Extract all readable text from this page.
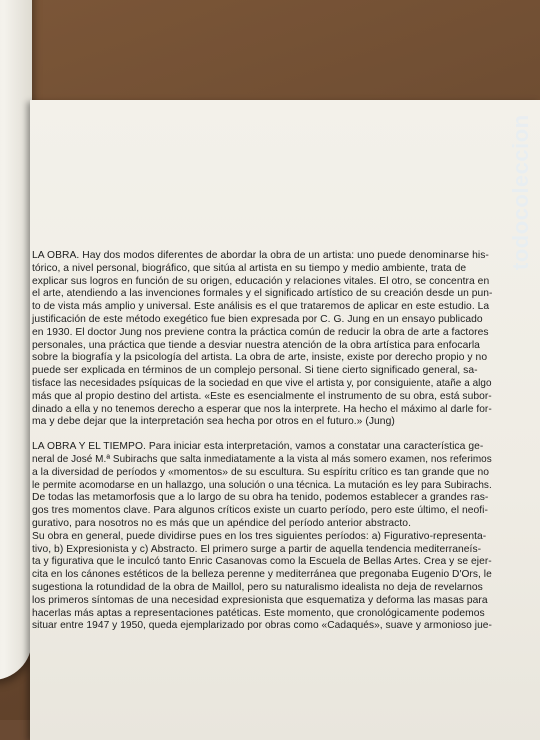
LA OBRA. Hay dos modos diferentes de abordar la obra de un artista: uno puede denominarse his-
tórico, a nivel personal, biográfico, que sitúa al artista en su tiempo y medio ambiente, trata de
explicar sus logros en función de su origen, educación y relaciones vitales. El otro, se concentra en
el arte, atendiendo a las invenciones formales y el significado artístico de su creación desde un pun-
to de vista más amplio y universal. Este análisis es el que trataremos de aplicar en este estudio. La
justificación de este método exegético fue bien expresada por C. G. Jung en un ensayo publicado
en 1930. El doctor Jung nos previene contra la práctica común de reducir la obra de arte a factores
personales, una práctica que tiende a desviar nuestra atención de la obra artística para enfocarla
sobre la biografía y la psicología del artista. La obra de arte, insiste, existe por derecho propio y no
puede ser explicada en términos de un complejo personal. Si tiene cierto significado general, sa-
tisface las necesidades psíquicas de la sociedad en que vive el artista y, por consiguiente, atañe a algo
más que al propio destino del artista. «Este es esencialmente el instrumento de su obra, está subor-
dinado a ella y no tenemos derecho a esperar que nos la interprete. Ha hecho el máximo al darle for-
ma y debe dejar que la interpretación sea hecha por otros en el futuro.» (Jung)
LA OBRA Y EL TIEMPO. Para iniciar esta interpretación, vamos a constatar una característica ge-
neral de José M.ª Subirachs que salta inmediatamente a la vista al más somero examen, nos referimos
a la diversidad de períodos y «momentos» de su escultura. Su espíritu crítico es tan grande que no
le permite acomodarse en un hallazgo, una solución o una técnica. La mutación es ley para Subirachs.
De todas las metamorfosis que a lo largo de su obra ha tenido, podemos establecer a grandes ras-
gos tres momentos clave. Para algunos críticos existe un cuarto período, pero este último, el neofi-
gurativo, para nosotros no es más que un apéndice del período anterior abstracto.
Su obra en general, puede dividirse pues en los tres siguientes períodos: a) Figurativo-representa-
tivo, b) Expresionista y c) Abstracto. El primero surge a partir de aquella tendencia mediterraneís-
ta y figurativa que le inculcó tanto Enric Casanovas como la Escuela de Bellas Artes. Crea y se ejer-
cita en los cánones estéticos de la belleza perenne y mediterránea que pregonaba Eugenio D'Ors, le
sugestiona la rotundidad de la obra de Maillol, pero su naturalismo idealista no deja de revelarnos
los primeros síntomas de una necesidad expresionista que esquematiza y deforma las masas para
hacerlas más aptas a representaciones patéticas. Este momento, que cronológicamente podemos
situar entre 1947 y 1950, queda ejemplarizado por obras como «Cadaqués», suave y armonioso jue-
todocoleccion
